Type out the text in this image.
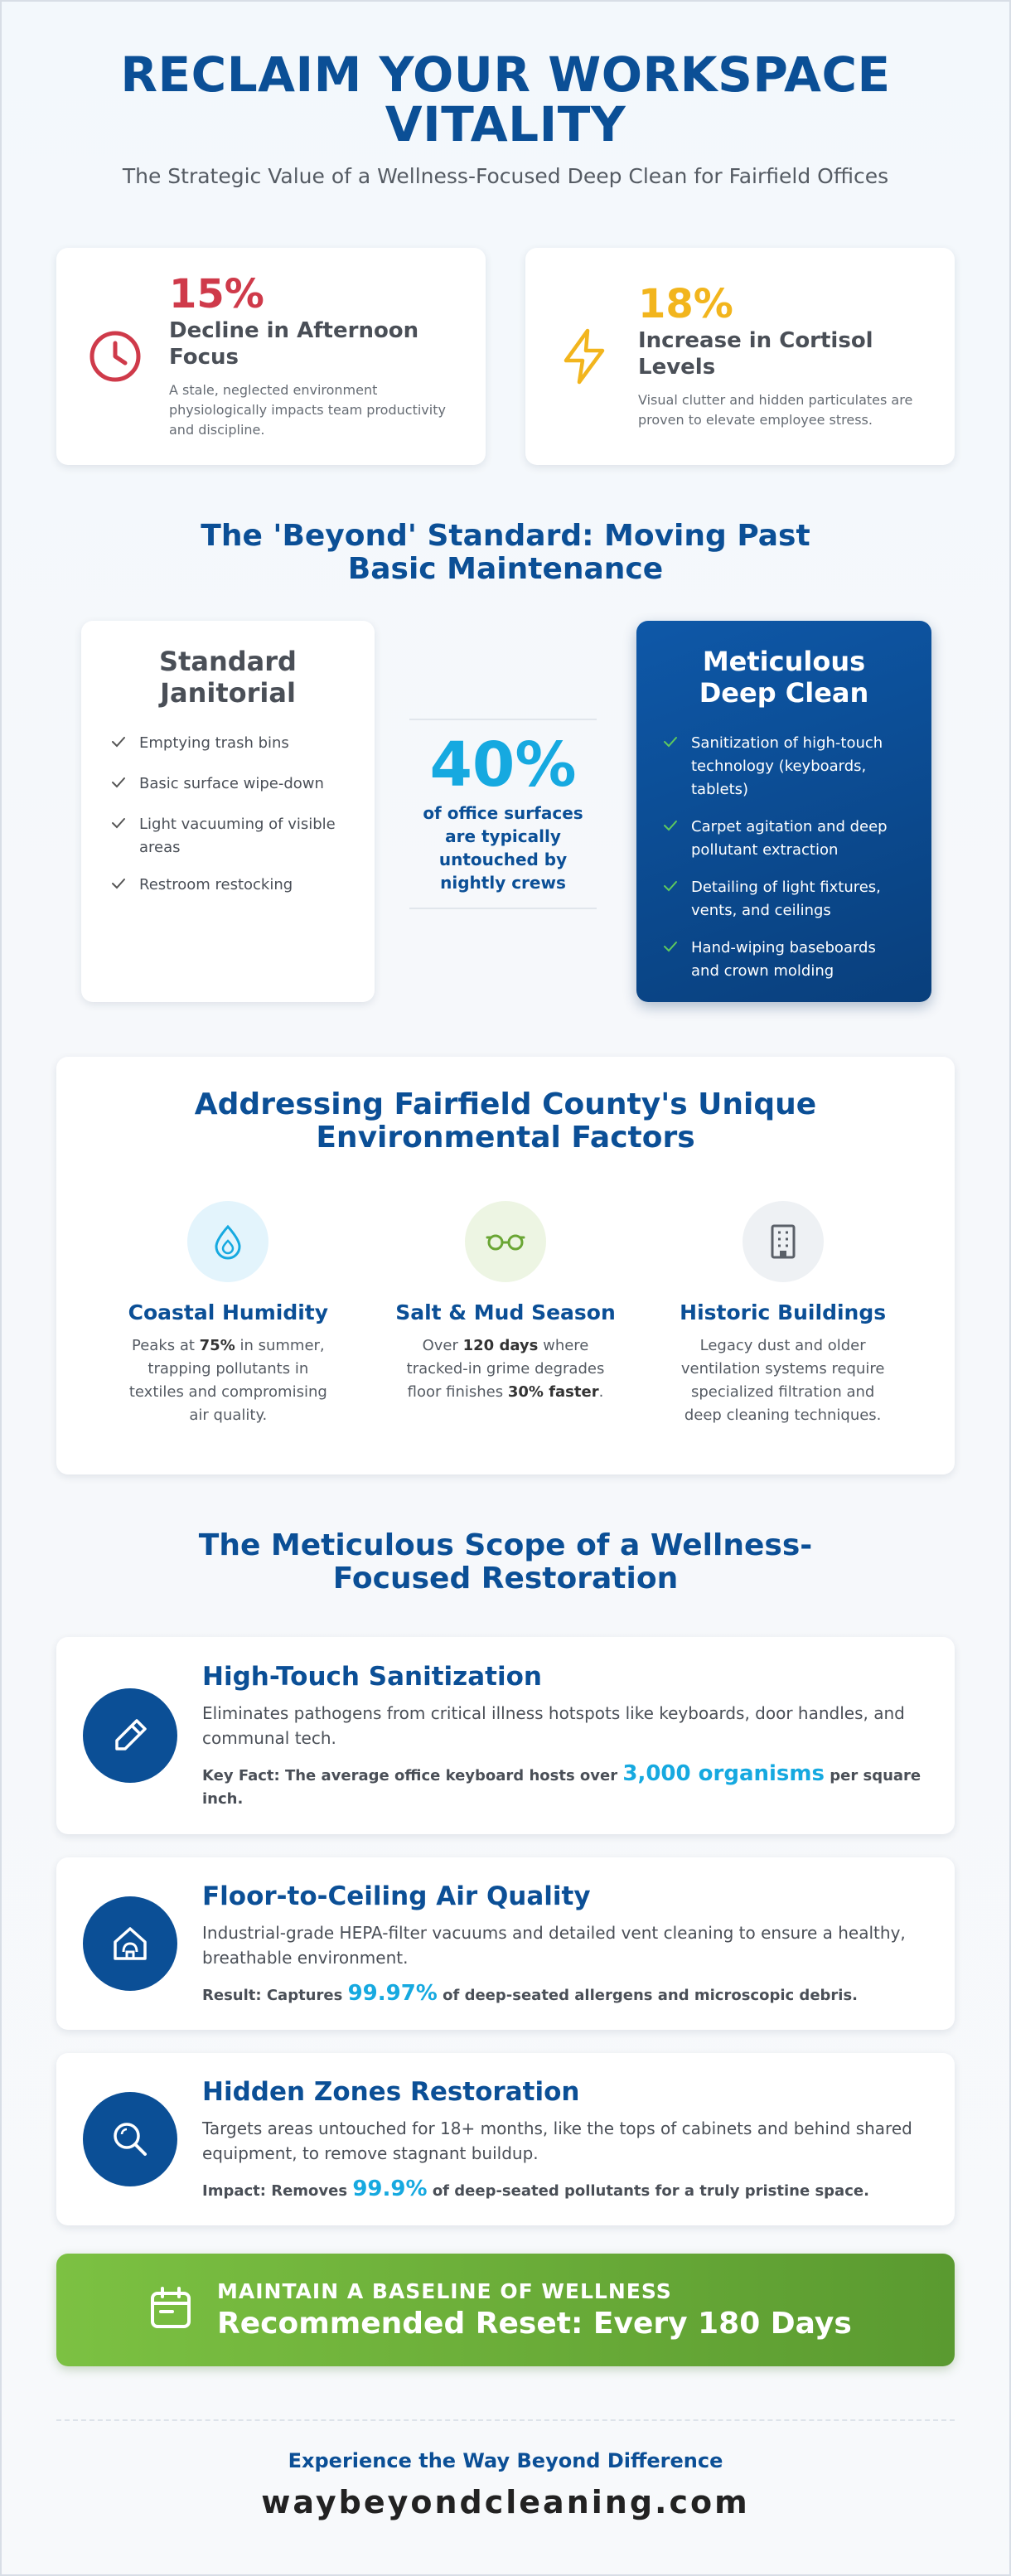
RECLAIM YOUR WORKSPACE VITALITY
The Strategic Value of a Wellness-Focused Deep Clean for Fairfield Offices
15%
Decline in Afternoon Focus
A stale, neglected environment physiologically impacts team productivity and discipline.
18%
Increase in Cortisol Levels
Visual clutter and hidden particulates are proven to elevate employee stress.
The 'Beyond' Standard: Moving Past Basic Maintenance
Standard Janitorial
Emptying trash bins
Basic surface wipe-down
Light vacuuming of visible areas
Restroom restocking
40%
of office surfaces are typically untouched by nightly crews
Meticulous Deep Clean
Sanitization of high-touch technology (keyboards, tablets)
Carpet agitation and deep pollutant extraction
Detailing of light fixtures, vents, and ceilings
Hand-wiping baseboards and crown molding
Addressing Fairfield County's Unique Environmental Factors
Coastal Humidity

Peaks at 75% in summer, trapping pollutants in textiles and compromising air quality.

Salt & Mud Season

Over 120 days where tracked-in grime degrades floor finishes 30% faster.

Historic Buildings

Legacy dust and older ventilation systems require specialized filtration and deep cleaning techniques.

The Meticulous Scope of a Wellness-Focused Restoration
High-Touch Sanitization
Eliminates pathogens from critical illness hotspots like keyboards, door handles, and communal tech.
Key Fact: The average office keyboard hosts over 3,000 organisms per square inch.
Floor-to-Ceiling Air Quality
Industrial-grade HEPA-filter vacuums and detailed vent cleaning to ensure a healthy, breathable environment.
Result: Captures 99.97% of deep-seated allergens and microscopic debris.
Hidden Zones Restoration
Targets areas untouched for 18+ months, like the tops of cabinets and behind shared equipment, to remove stagnant buildup.
Impact: Removes 99.9% of deep-seated pollutants for a truly pristine space.
MAINTAIN A BASELINE OF WELLNESS
Recommended Reset: Every 180 Days
Experience the Way Beyond Difference
waybeyondcleaning.com
